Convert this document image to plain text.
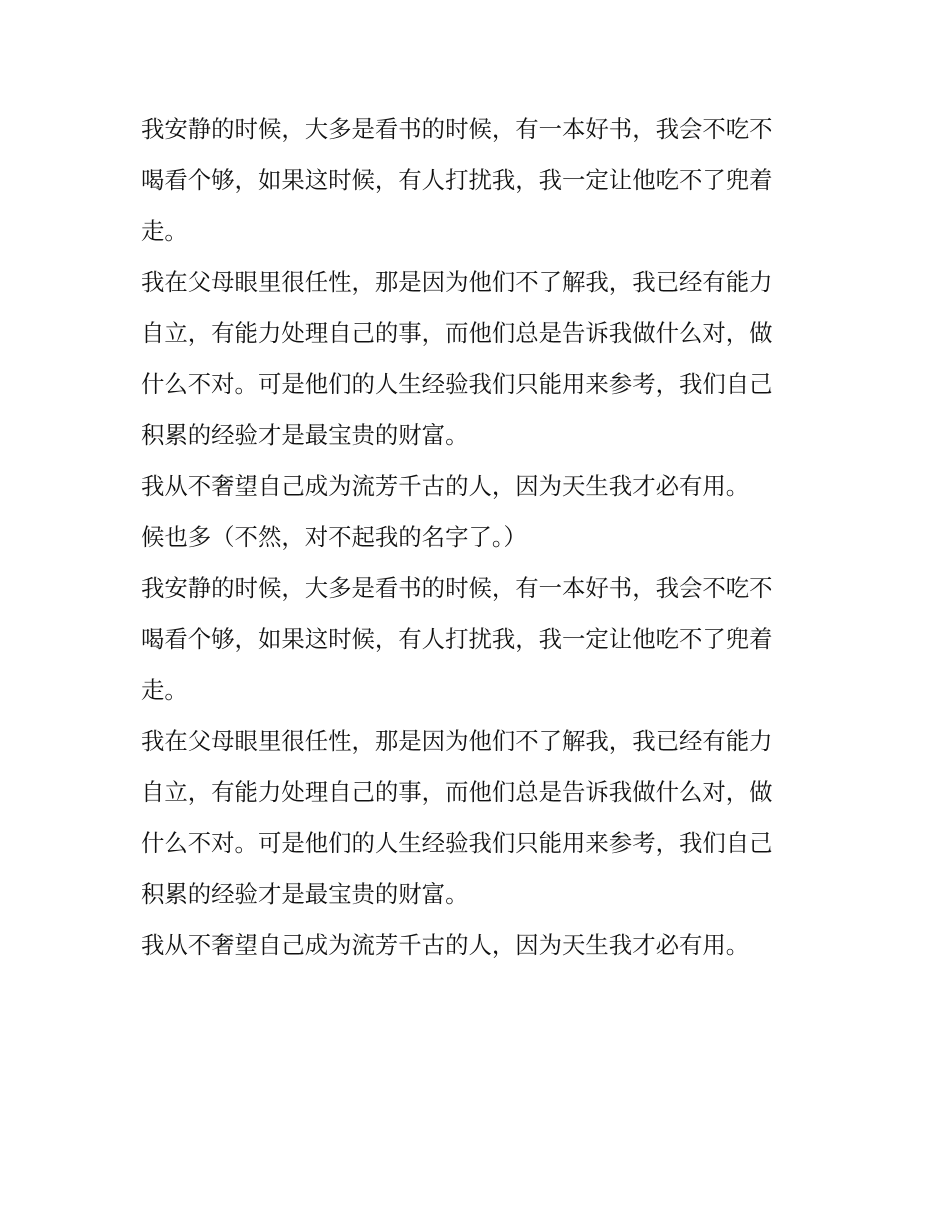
我安静的时候，大多是看书的时候，有一本好书，我会不吃不
喝看个够，如果这时候，有人打扰我，我一定让他吃不了兜着
走。
我在父母眼里很任性，那是因为他们不了解我，我已经有能力
自立，有能力处理自己的事，而他们总是告诉我做什么对，做
什么不对。可是他们的人生经验我们只能用来参考，我们自己
积累的经验才是最宝贵的财富。
我从不奢望自己成为流芳千古的人，因为天生我才必有用。
候也多（不然，对不起我的名字了。）
我安静的时候，大多是看书的时候，有一本好书，我会不吃不
喝看个够，如果这时候，有人打扰我，我一定让他吃不了兜着
走。
我在父母眼里很任性，那是因为他们不了解我，我已经有能力
自立，有能力处理自己的事，而他们总是告诉我做什么对，做
什么不对。可是他们的人生经验我们只能用来参考，我们自己
积累的经验才是最宝贵的财富。
我从不奢望自己成为流芳千古的人，因为天生我才必有用。
